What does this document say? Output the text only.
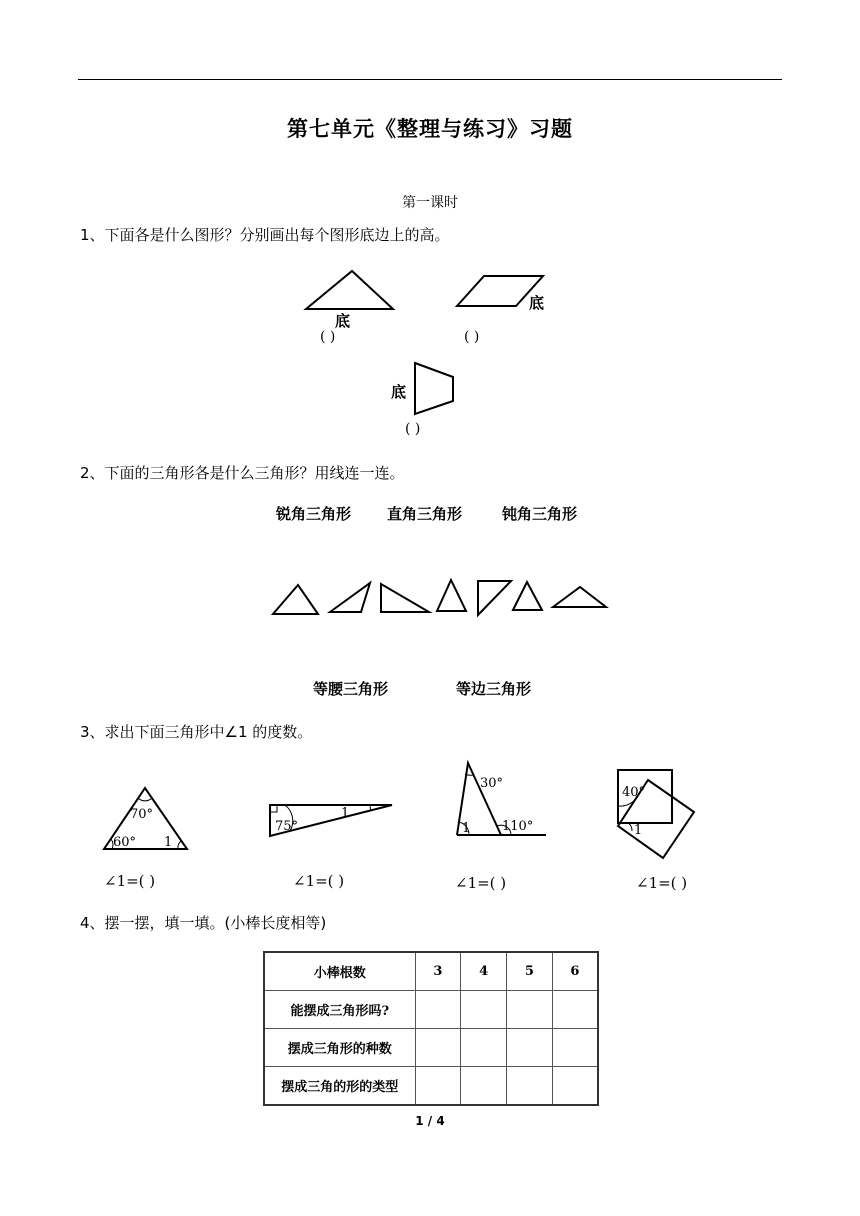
第七单元《整理与练习》习题
第一课时
1、下面各是什么图形？分别画出每个图形底边上的高。
底
底
底
( )	( )
( )
2、下面的三角形各是什么三角形？用线连一连。
锐角三角形 直角三角形	钝角三角形
等腰三角形	等边三角形
3、求出下面三角形中∠1 的度数。
70°
60° 1
75°
1
30°
1 110°
40°
1
∠1=( )	∠1=( )	∠1=( )	∠1=( )
4、摆一摆，填一填。(小棒长度相等)
小棒根数	3	4	5	6
能摆成三角形吗?				
摆成三角形的种数				
摆成三角的形的类型				
1 / 4
